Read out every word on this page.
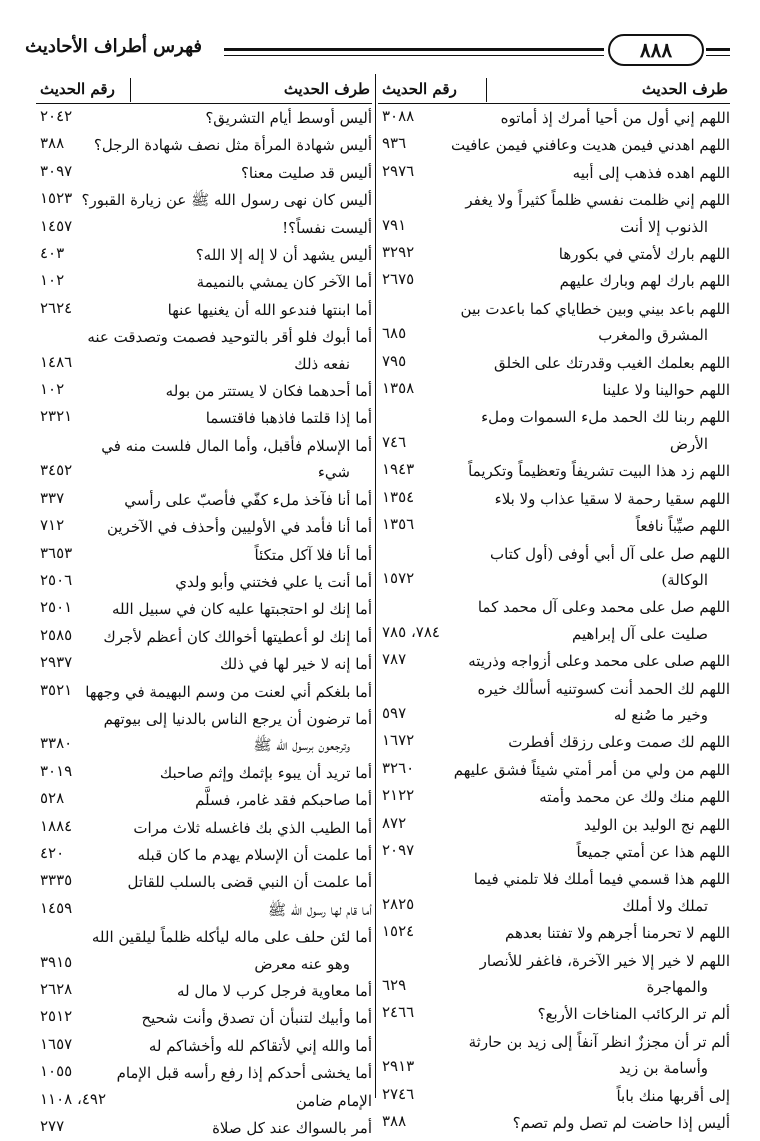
فهرس أطراف الأحاديث	٨٨٨
طرف الحديث
رقم الحديث
اللهم إني أول من أحيا أمرك إذ أماتوه
٣٠٨٨
اللهم اهدني فيمن هديت وعافني فيمن عافيت
٩٣٦
اللهم اهده فذهب إلى أبيه
٢٩٧٦
اللهم إني ظلمت نفسي ظلماً كثيراً ولا يغفر
الذنوب إلا أنت
٧٩١
اللهم بارك لأمتي في بكورها
٣٢٩٢
اللهم بارك لهم وبارك عليهم
٢٦٧٥
اللهم باعد بيني وبين خطاياي كما باعدت بين
المشرق والمغرب
٦٨٥
اللهم بعلمك الغيب وقدرتك على الخلق
٧٩٥
اللهم حوالينا ولا علينا
١٣٥٨
اللهم ربنا لك الحمد ملء السموات وملء
الأرض
٧٤٦
اللهم زد هذا البيت تشريفاً وتعظيماً وتكريماً
١٩٤٣
اللهم سقيا رحمة لا سقيا عذاب ولا بلاء
١٣٥٤
اللهم صيِّباً نافعاً
١٣٥٦
اللهم صل على آل أبي أوفى (أول كتاب
الوكالة)
١٥٧٢
اللهم صل على محمد وعلى آل محمد كما
صليت على آل إبراهيم
٧٨٤، ٧٨٥
اللهم صلى على محمد وعلى أزواجه وذريته
٧٨٧
اللهم لك الحمد أنت كسوتنيه أسألك خيره
وخير ما صُنع له
٥٩٧
اللهم لك صمت وعلى رزقك أفطرت
١٦٧٢
اللهم من ولي من أمر أمتي شيئاً فشق عليهم
٣٢٦٠
اللهم منك ولك عن محمد وأمته
٢١٢٢
اللهم نج الوليد بن الوليد
٨٧٢
اللهم هذا عن أمتي جميعاً
٢٠٩٧
اللهم هذا قسمي فيما أملك فلا تلمني فيما
تملك ولا أملك
٢٨٢٥
اللهم لا تحرمنا أجرهم ولا تفتنا بعدهم
١٥٢٤
اللهم لا خير إلا خير الآخرة، فاغفر للأنصار
والمهاجرة
٦٢٩
ألم تر الركائب المناخات الأربع؟
٢٤٦٦
ألم تر أن مجززٌ انظر آنفاً إلى زيد بن حارثة
وأسامة بن زيد
٢٩١٣
إلى أقربها منك باباً
٢٧٤٦
أليس إذا حاضت لم تصل ولم تصم؟
٣٨٨
طرف الحديث
رقم الحديث
أليس أوسط أيام التشريق؟
٢٠٤٢
أليس شهادة المرأة مثل نصف شهادة الرجل؟
٣٨٨
أليس قد صليت معنا؟
٣٠٩٧
أليس كان نهى رسول الله ﷺ عن زيارة القبور؟
١٥٢٣
أليست نفساً؟!
١٤٥٧
أليس يشهد أن لا إله إلا الله؟
٤٠٣
أما الآخر كان يمشي بالنميمة
١٠٢
أما ابنتها فندعو الله أن يغنيها عنها
٢٦٢٤
أما أبوك فلو أقر بالتوحيد فصمت وتصدقت عنه
نفعه ذلك
١٤٨٦
أما أحدهما فكان لا يستتر من بوله
١٠٢
أما إذا قلتما فاذهبا فاقتسما
٢٣٢١
أما الإسلام فأقبل، وأما المال فلست منه في
شيء
٣٤٥٢
أما أنا فآخذ ملء كفّي فأصبّ على رأسي
٣٣٧
أما أنا فأمد في الأوليين وأحذف في الآخرين
٧١٢
أما أنا فلا آكل متكئاً
٣٦٥٣
أما أنت يا علي فختني وأبو ولدي
٢٥٠٦
أما إنك لو احتجبتها عليه كان في سبيل الله
٢٥٠١
أما إنك لو أعطيتها أخوالك كان أعظم لأجرك
٢٥٨٥
أما إنه لا خير لها في ذلك
٢٩٣٧
أما بلغكم أني لعنت من وسم البهيمة في وجهها
٣٥٢١
أما ترضون أن يرجع الناس بالدنيا إلى بيوتهم
وترجعون برسول الله ﷺ
٣٣٨٠
أما تريد أن يبوء بإثمك وإثم صاحبك
٣٠١٩
أما صاحبكم فقد غامر، فسلَّم
٥٢٨
أما الطيب الذي بك فاغسله ثلاث مرات
١٨٨٤
أما علمت أن الإسلام يهدم ما كان قبله
٤٢٠
أما علمت أن النبي قضى بالسلب للقاتل
٣٣٣٥
أما قام لها رسول الله ﷺ
١٤٥٩
أما لئن حلف على ماله ليأكله ظلماً ليلقين الله
وهو عنه معرض
٣٩١٥
أما معاوية فرجل كرب لا مال له
٢٦٢٨
أما وأبيك لتنبأن أن تصدق وأنت شحيح
٢٥١٢
أما والله إني لأتقاكم لله وأخشاكم له
١٦٥٧
أما يخشى أحدكم إذا رفع رأسه قبل الإمام
١٠٥٥
الإمام ضامن
٤٩٢، ١١٠٨
أمر بالسواك عند كل صلاة
٢٧٧
